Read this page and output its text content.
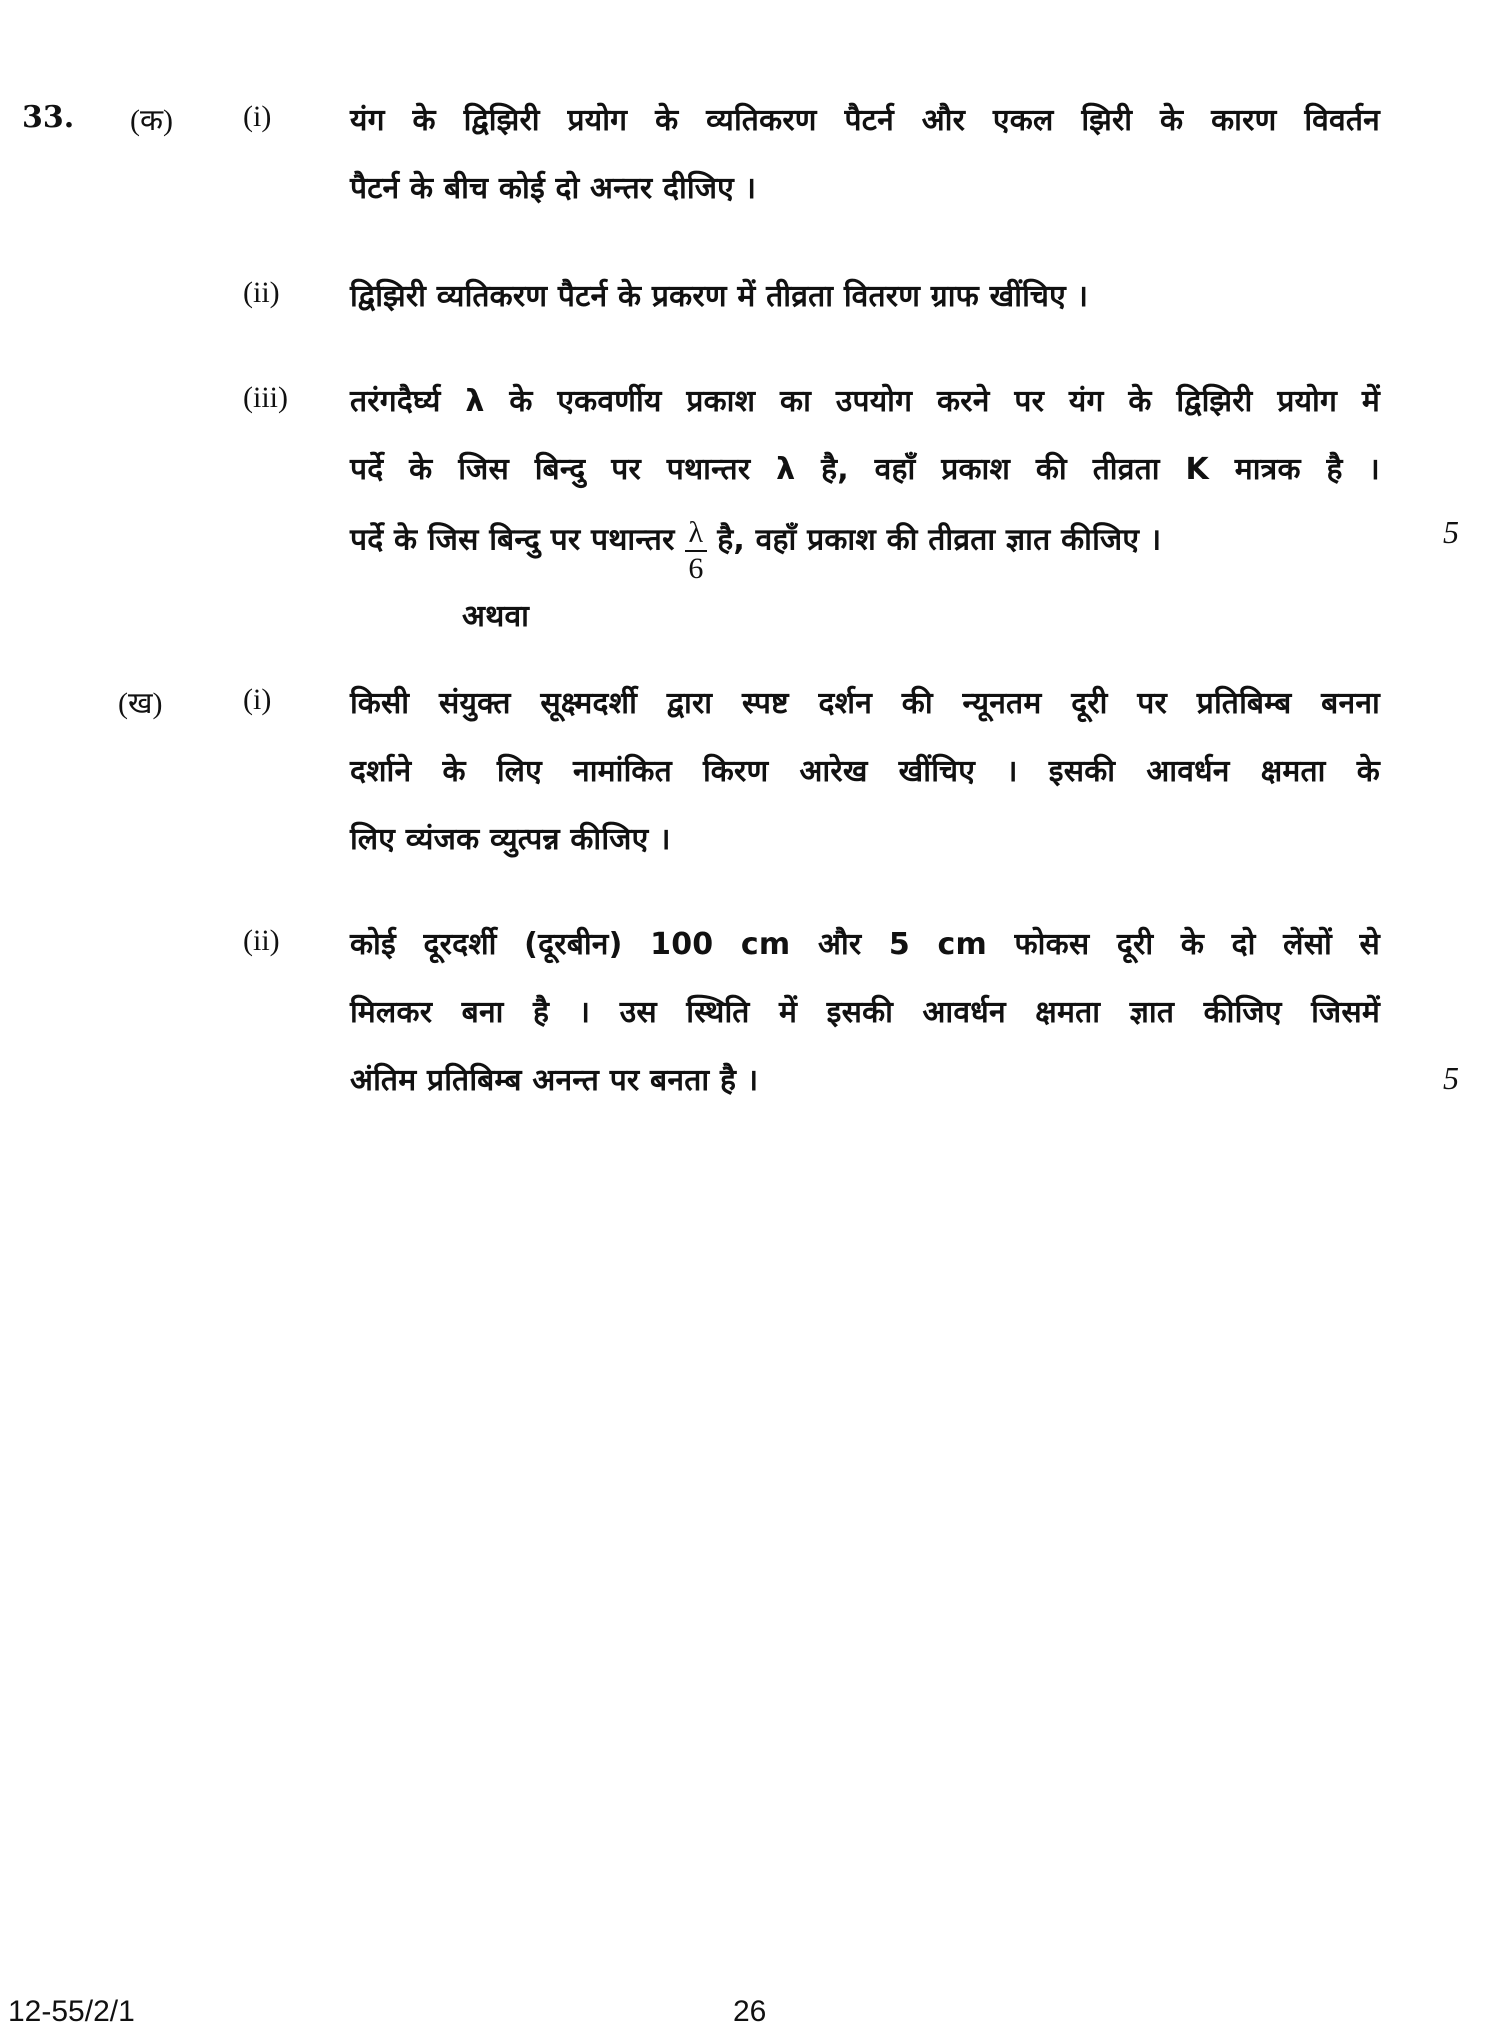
33. (क) (i)	यंग के द्विझिरी प्रयोग के व्यतिकरण पैटर्न और एकल झिरी के कारण विवर्तन
पैटर्न के बीच कोई दो अन्तर दीजिए ।
(ii) द्विझिरी व्यतिकरण पैटर्न के प्रकरण में तीव्रता वितरण ग्राफ खींचिए ।
(iii) तरंगदैर्घ्य λ के एकवर्णीय प्रकाश का उपयोग करने पर यंग के द्विझिरी प्रयोग में
पर्दे के जिस बिन्दु पर पथान्तर λ है, वहाँ प्रकाश की तीव्रता K मात्रक है ।
पर्दे के जिस बिन्दु पर पथान्तर $\frac{\lambda}{6}$ है, वहाँ प्रकाश की तीव्रता ज्ञात कीजिए ।	5
अथवा
(ख)	(i)	किसी संयुक्त सूक्ष्मदर्शी द्वारा स्पष्ट दर्शन की न्यूनतम दूरी पर प्रतिबिम्ब बनना
दर्शाने के लिए नामांकित किरण आरेख खींचिए । इसकी आवर्धन क्षमता के
लिए व्यंजक व्युत्पन्न कीजिए ।
(ii) कोई दूरदर्शी (दूरबीन) 100 cm और 5 cm फोकस दूरी के दो लेंसों से
मिलकर बना है । उस स्थिति में इसकी आवर्धन क्षमता ज्ञात कीजिए जिसमें
अंतिम प्रतिबिम्ब अनन्त पर बनता है ।	5
12-55/2/1	26
